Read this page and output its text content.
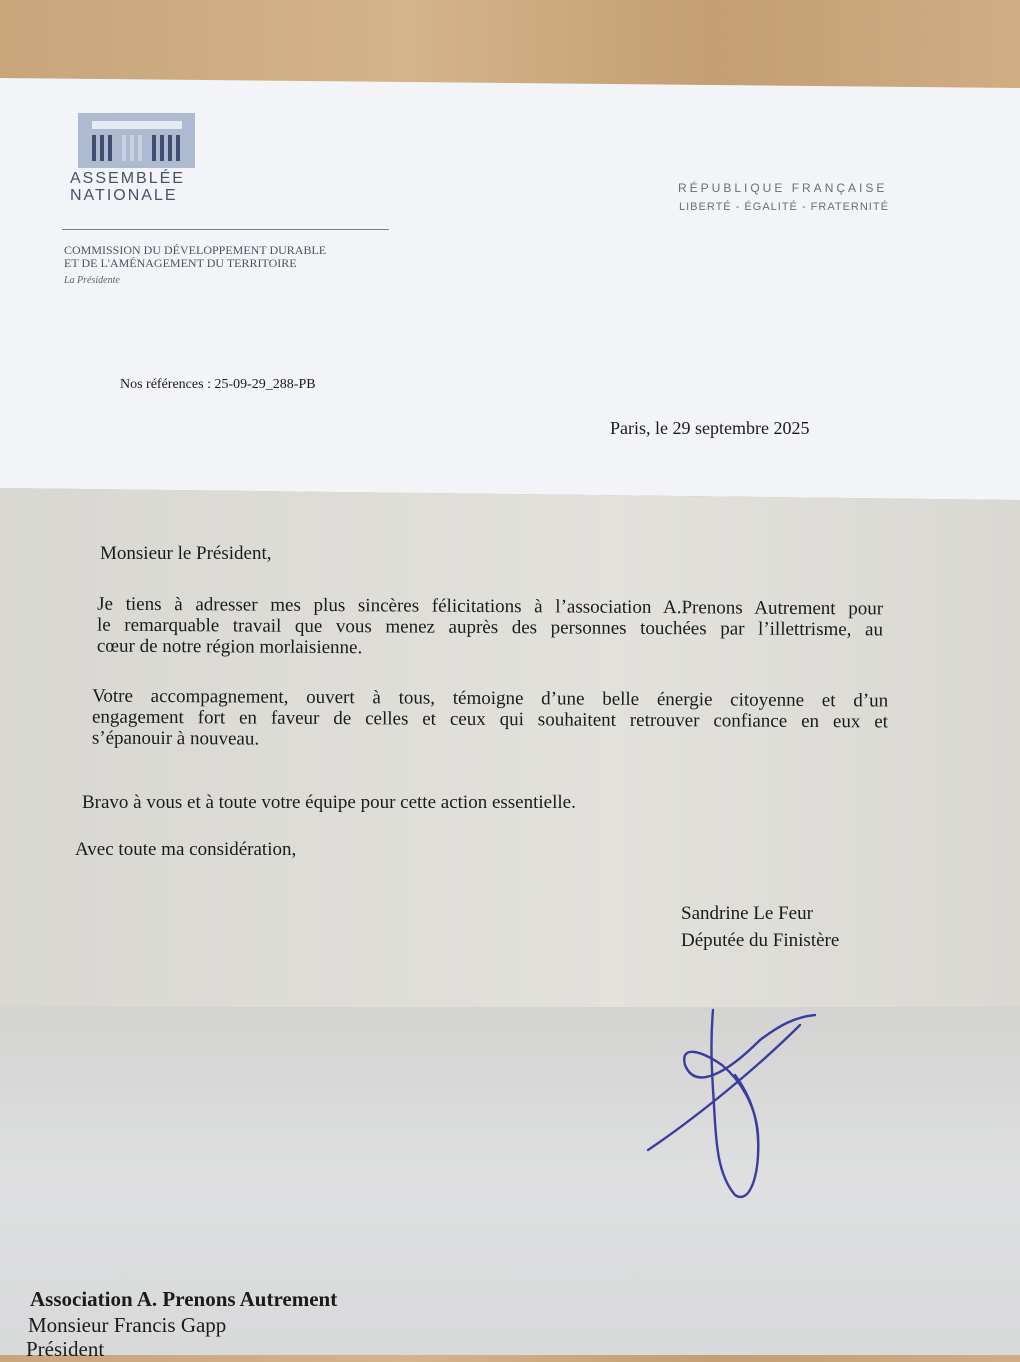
ASSEMBLÉE
NATIONALE	RÉPUBLIQUE FRANÇAISE
LIBERTÉ - ÉGALITÉ - FRATERNITÉ
COMMISSION DU DÉVELOPPEMENT DURABLE
ET DE L'AMÉNAGEMENT DU TERRITOIRE
La Présidente
Nos références : 25-09-29_288-PB
Paris, le 29 septembre 2025
Monsieur le Président,
Je tiens à adresser mes plus sincères félicitations à l’association A.Prenons Autrement pour
le remarquable travail que vous menez auprès des personnes touchées par l’illettrisme, au
cœur de notre région morlaisienne.
Votre accompagnement, ouvert à tous, témoigne d’une belle énergie citoyenne et d’un
engagement fort en faveur de celles et ceux qui souhaitent retrouver confiance en eux et
s’épanouir à nouveau.
Bravo à vous et à toute votre équipe pour cette action essentielle.
Avec toute ma considération,
Sandrine Le Feur
Députée du Finistère
Association A. Prenons Autrement
Monsieur Francis Gapp
Président
